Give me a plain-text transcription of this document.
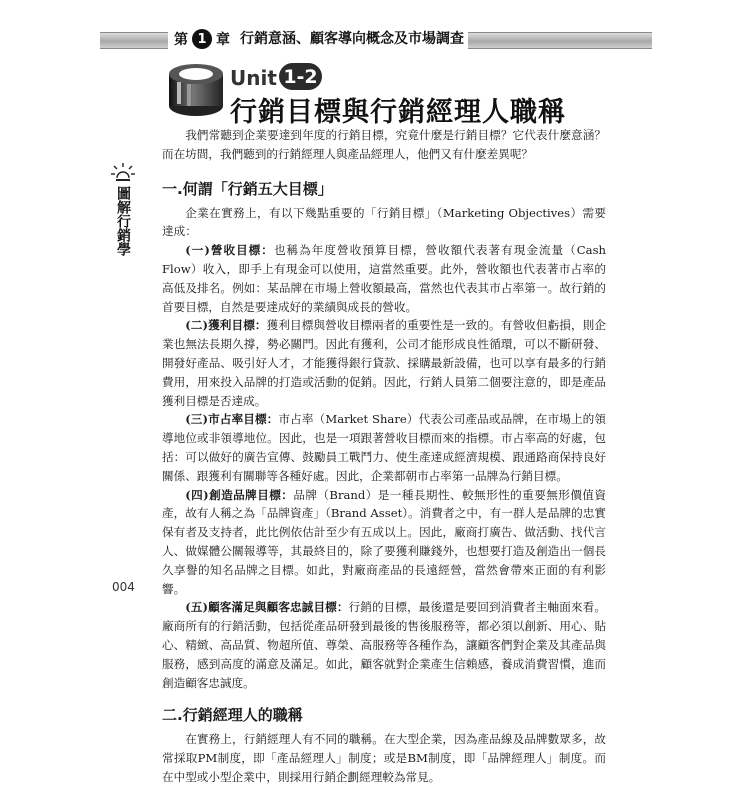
第 1 章 行銷意涵、顧客導向概念及市場調查
Unit 1-2
行銷目標與行銷經理人職稱
圖解行銷學
004

我們常聽到企業要達到年度的行銷目標，究竟什麼是行銷目標？它代表什麼意涵？而在坊間，我們聽到的行銷經理人與產品經理人，他們又有什麼差異呢？

一.何謂「行銷五大目標」

企業在實務上，有以下幾點重要的「行銷目標」（Marketing Objectives）需要達成：

(一)營收目標：也稱為年度營收預算目標，營收額代表著有現金流量（Cash Flow）收入，即手上有現金可以使用，這當然重要。此外，營收額也代表著市占率的高低及排名。例如：某品牌在市場上營收額最高，當然也代表其市占率第一。故行銷的首要目標，自然是要達成好的業績與成長的營收。

(二)獲利目標：獲利目標與營收目標兩者的重要性是一致的。有營收但虧損，則企業也無法長期久撐，勢必關門。因此有獲利，公司才能形成良性循環，可以不斷研發、開發好產品、吸引好人才，才能獲得銀行貸款、採購最新設備，也可以享有最多的行銷費用，用來投入品牌的打造或活動的促銷。因此，行銷人員第二個要注意的，即是產品獲利目標是否達成。

(三)市占率目標：市占率（Market Share）代表公司產品或品牌，在市場上的領導地位或非領導地位。因此，也是一項跟著營收目標而來的指標。市占率高的好處，包括：可以做好的廣告宣傳、鼓勵員工戰鬥力、使生產達成經濟規模、跟通路商保持良好關係、跟獲利有關聯等各種好處。因此，企業都朝市占率第一品牌為行銷目標。

(四)創造品牌目標：品牌（Brand）是一種長期性、較無形性的重要無形價值資產，故有人稱之為「品牌資產」（Brand Asset）。消費者之中，有一群人是品牌的忠實保有者及支持者，此比例依估計至少有五成以上。因此，廠商打廣告、做活動、找代言人、做媒體公關報導等，其最終目的，除了要獲利賺錢外，也想要打造及創造出一個長久享譽的知名品牌之目標。如此，對廠商產品的長遠經營，當然會帶來正面的有利影響。

(五)顧客滿足與顧客忠誠目標：行銷的目標，最後還是要回到消費者主軸面來看。廠商所有的行銷活動，包括從產品研發到最後的售後服務等，都必須以創新、用心、貼心、精緻、高品質、物超所值、尊榮、高服務等各種作為，讓顧客們對企業及其產品與服務，感到高度的滿意及滿足。如此，顧客就對企業產生信賴感，養成消費習慣，進而創造顧客忠誠度。

二.行銷經理人的職稱

在實務上，行銷經理人有不同的職稱。在大型企業，因為產品線及品牌數眾多，故常採取PM制度，即「產品經理人」制度；或是BM制度，即「品牌經理人」制度。而在中型或小型企業中，則採用行銷企劃經理較為常見。
